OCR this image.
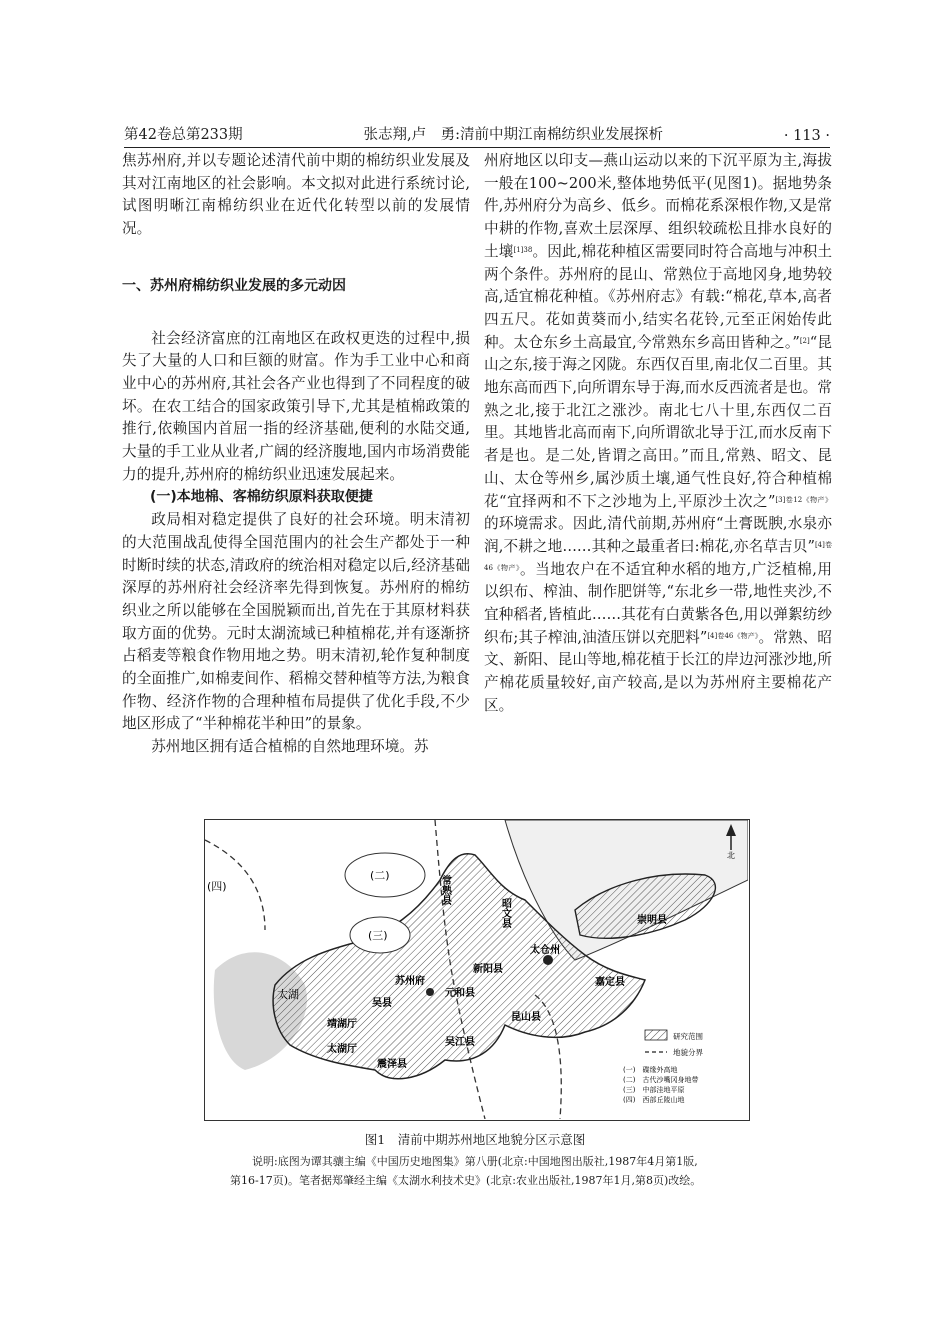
第42卷总第233期	张志翔,卢　勇:清前中期江南棉纺织业发展探析	· 113 ·

焦苏州府,并以专题论述清代前中期的棉纺织业发展及其对江南地区的社会影响。本文拟对此进行系统讨论,试图明晰江南棉纺织业在近代化转型以前的发展情况。

一、苏州府棉纺织业发展的多元动因

社会经济富庶的江南地区在政权更迭的过程中,损失了大量的人口和巨额的财富。作为手工业中心和商业中心的苏州府,其社会各产业也得到了不同程度的破坏。在农工结合的国家政策引导下,尤其是植棉政策的推行,依赖国内首屈一指的经济基础,便利的水陆交通,大量的手工业从业者,广阔的经济腹地,国内市场消费能力的提升,苏州府的棉纺织业迅速发展起来。

(一)本地棉、客棉纺织原料获取便捷

政局相对稳定提供了良好的社会环境。明末清初的大范围战乱使得全国范围内的社会生产都处于一种时断时续的状态,清政府的统治相对稳定以后,经济基础深厚的苏州府社会经济率先得到恢复。苏州府的棉纺织业之所以能够在全国脱颖而出,首先在于其原材料获取方面的优势。元时太湖流域已种植棉花,并有逐渐挤占稻麦等粮食作物用地之势。明末清初,轮作复种制度的全面推广,如棉麦间作、稻棉交替种植等方法,为粮食作物、经济作物的合理种植布局提供了优化手段,不少地区形成了“半种棉花半种田”的景象。

苏州地区拥有适合植棉的自然地理环境。苏

州府地区以印支—燕山运动以来的下沉平原为主,海拔一般在100~200米,整体地势低平(见图1)。据地势条件,苏州府分为高乡、低乡。而棉花系深根作物,又是常中耕的作物,喜欢土层深厚、组织较疏松且排水良好的土壤$^{[1]38}$。因此,棉花种植区需要同时符合高地与冲积土两个条件。苏州府的昆山、常熟位于高地冈身,地势较高,适宜棉花种植。《苏州府志》有载:“棉花,草本,高者四五尺。花如黄葵而小,结实名花铃,元至正闲始传此种。太仓东乡土高最宜,今常熟东乡高田皆种之。”[2]“昆山之东,接于海之冈陇。东西仅百里,南北仅二百里。其地东高而西下,向所谓东导于海,而水反西流者是也。常熟之北,接于北江之涨沙。南北七八十里,东西仅二百里。其地皆北高而南下,向所谓欲北导于江,而水反南下者是也。是二处,皆谓之高田。”而且,常熟、昭文、昆山、太仓等州乡,属沙质土壤,通气性良好,符合种植棉花“宜择两和不下之沙地为上,平原沙土次之”$^{[3]卷12《物产》}$的环境需求。因此,清代前期,苏州府“土膏既腴,水泉亦润,不耕之地……其种之最重者曰:棉花,亦名草吉贝”$^{[4]卷46《物产》}$。当地农户在不适宜种水稻的地方,广泛植棉,用以织布、榨油、制作肥饼等,“东北乡一带,地性夹沙,不宜种稻者,皆植此……其花有白黄紫各色,用以弹絮纺纱织布;其子榨油,油渣压饼以充肥料”$^{[4]卷46《物产》}$。常熟、昭文、新阳、昆山等地,棉花植于长江的岸边河涨沙地,所产棉花质量较好,亩产较高,是以为苏州府主要棉花产区。

北
(四)
(二)
(三)
太湖
常熟县
昭文县
太仓州
崇明县
新阳县
苏州府
元和县
嘉定县
吴县
靖湖厅
太湖厅
昆山县
吴江县
震泽县
研究范围
地貌分界
(一)　碟缘外高地
(二)　古代沙嘴冈身地带
(三)　中部洼地平原
(四)　西部丘陵山地
图1　清前中期苏州地区地貌分区示意图

说明:底图为谭其骧主编《中国历史地图集》第八册(北京:中国地图出版社,1987年4月第1版,

第16-17页)。笔者据郑肇经主编《太湖水利技术史》(北京:农业出版社,1987年1月,第8页)改绘。
